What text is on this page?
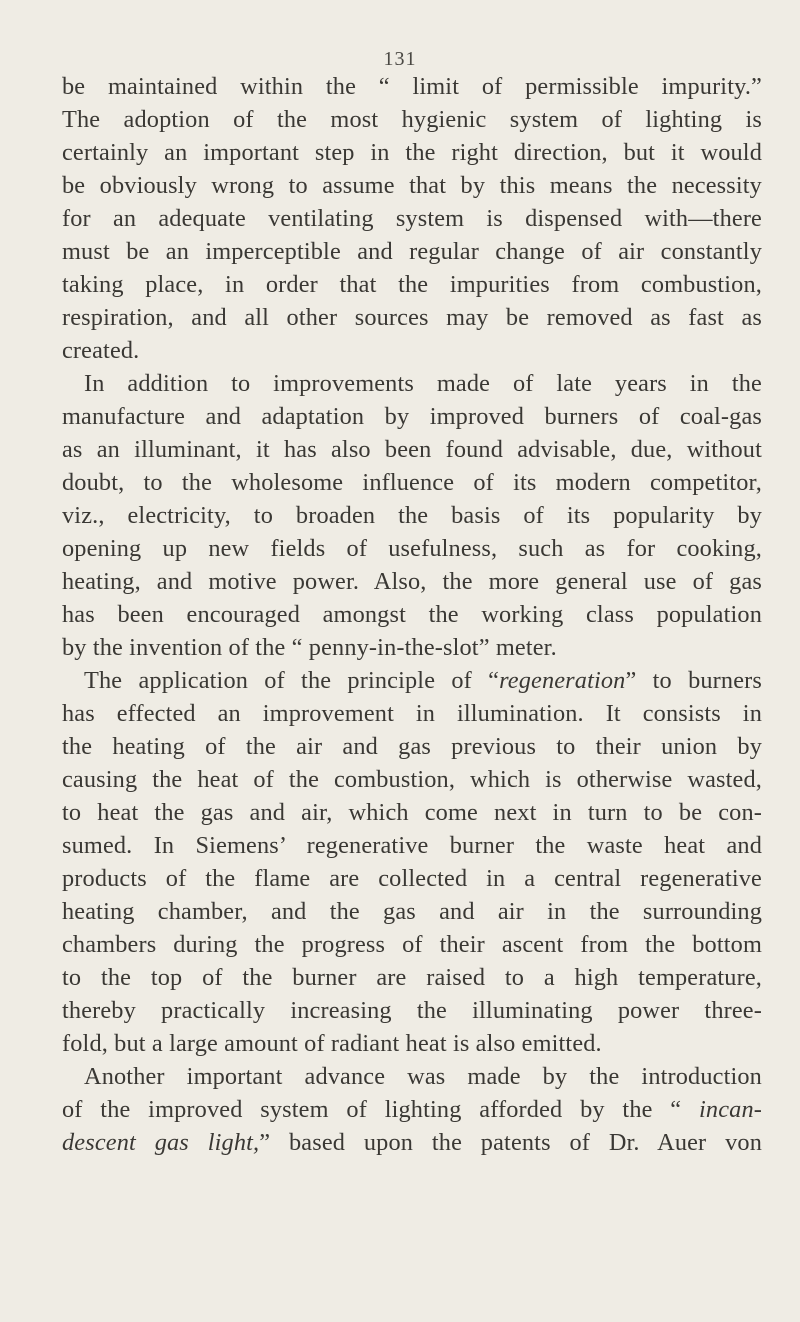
131
be maintained within the “ limit of permissible impurity.”
The adoption of the most hygienic system of lighting is
certainly an important step in the right direction, but it would
be obviously wrong to assume that by this means the necessity
for an adequate ventilating system is dispensed with—there
must be an imperceptible and regular change of air constantly
taking place, in order that the impurities from combustion,
respiration, and all other sources may be removed as fast as
created.
In addition to improvements made of late years in the
manufacture and adaptation by improved burners of coal-gas
as an illuminant, it has also been found advisable, due, without
doubt, to the wholesome influence of its modern competitor,
viz., electricity, to broaden the basis of its popularity by
opening up new fields of usefulness, such as for cooking,
heating, and motive power. Also, the more general use of gas
has been encouraged amongst the working class population
by the invention of the “ penny-in-the-slot” meter.
The application of the principle of “regeneration” to burners
has effected an improvement in illumination. It consists in
the heating of the air and gas previous to their union by
causing the heat of the combustion, which is otherwise wasted,
to heat the gas and air, which come next in turn to be con-
sumed. In Siemens’ regenerative burner the waste heat and
products of the flame are collected in a central regenerative
heating chamber, and the gas and air in the surrounding
chambers during the progress of their ascent from the bottom
to the top of the burner are raised to a high temperature,
thereby practically increasing the illuminating power three-
fold, but a large amount of radiant heat is also emitted.
Another important advance was made by the introduction
of the improved system of lighting afforded by the “ incan-
descent gas light,” based upon the patents of Dr. Auer von
